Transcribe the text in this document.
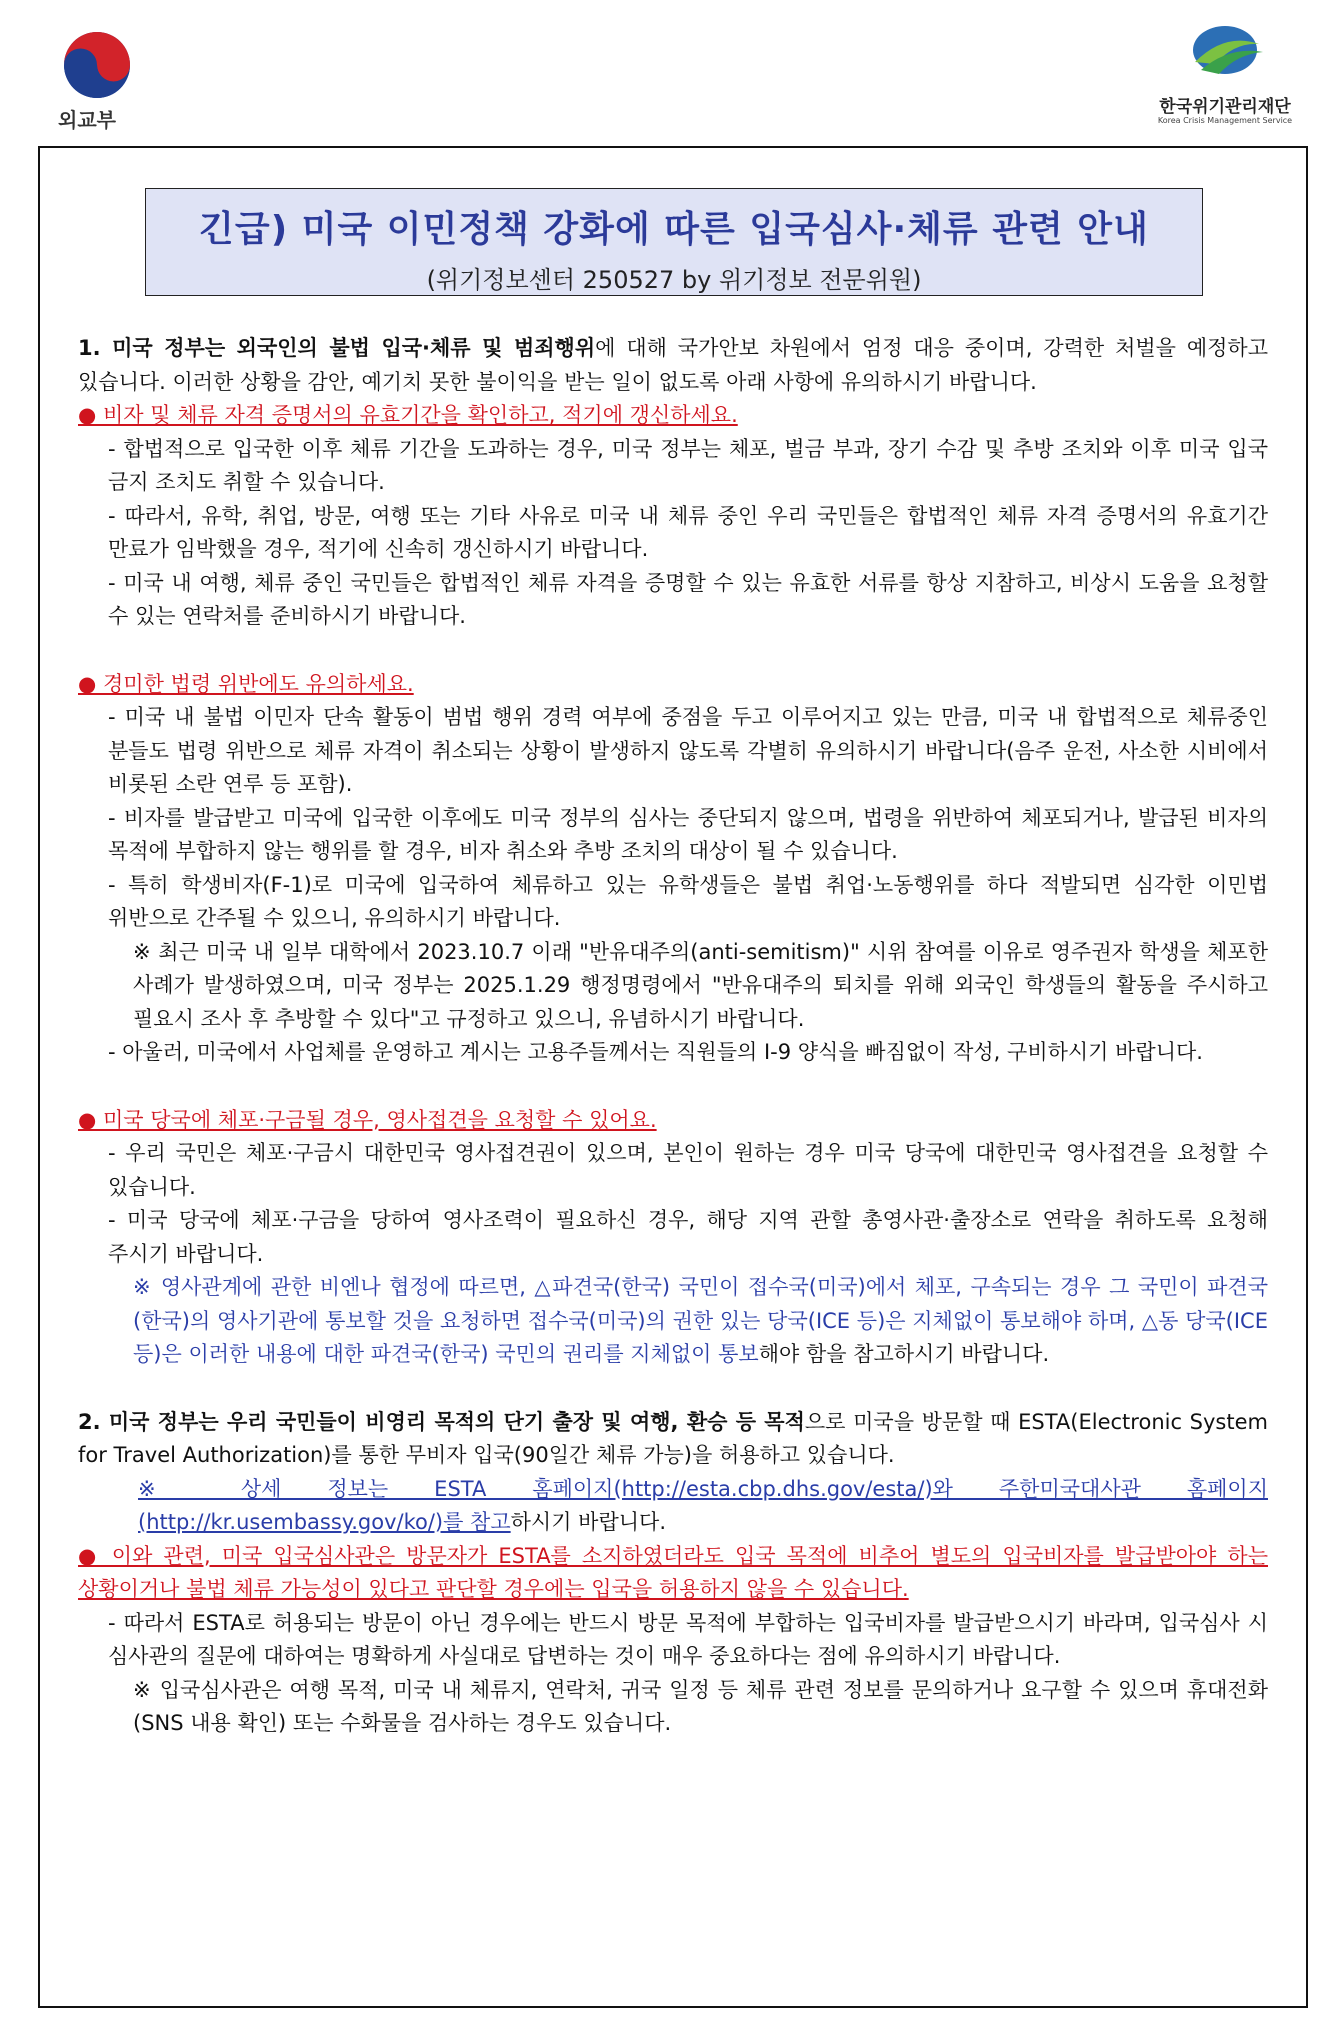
외교부
한국위기관리재단
Korea Crisis Management Service
긴급) 미국 이민정책 강화에 따른 입국심사·체류 관련 안내
(위기정보센터 250527 by 위기정보 전문위원)

1. 미국 정부는 외국인의 불법 입국·체류 및 범죄행위에 대해 국가안보 차원에서 엄정 대응 중이며, 강력한 처벌을 예정하고 있습니다. 이러한 상황을 감안, 예기치 못한 불이익을 받는 일이 없도록 아래 사항에 유의하시기 바랍니다.

● 비자 및 체류 자격 증명서의 유효기간을 확인하고, 적기에 갱신하세요.

- 합법적으로 입국한 이후 체류 기간을 도과하는 경우, 미국 정부는 체포, 벌금 부과, 장기 수감 및 추방 조치와 이후 미국 입국 금지 조치도 취할 수 있습니다.

- 따라서, 유학, 취업, 방문, 여행 또는 기타 사유로 미국 내 체류 중인 우리 국민들은 합법적인 체류 자격 증명서의 유효기간 만료가 임박했을 경우, 적기에 신속히 갱신하시기 바랍니다.

- 미국 내 여행, 체류 중인 국민들은 합법적인 체류 자격을 증명할 수 있는 유효한 서류를 항상 지참하고, 비상시 도움을 요청할 수 있는 연락처를 준비하시기 바랍니다.

● 경미한 법령 위반에도 유의하세요.

- 미국 내 불법 이민자 단속 활동이 범법 행위 경력 여부에 중점을 두고 이루어지고 있는 만큼, 미국 내 합법적으로 체류중인 분들도 법령 위반으로 체류 자격이 취소되는 상황이 발생하지 않도록 각별히 유의하시기 바랍니다(음주 운전, 사소한 시비에서 비롯된 소란 연루 등 포함).

- 비자를 발급받고 미국에 입국한 이후에도 미국 정부의 심사는 중단되지 않으며, 법령을 위반하여 체포되거나, 발급된 비자의 목적에 부합하지 않는 행위를 할 경우, 비자 취소와 추방 조치의 대상이 될 수 있습니다.

- 특히 학생비자(F-1)로 미국에 입국하여 체류하고 있는 유학생들은 불법 취업·노동행위를 하다 적발되면 심각한 이민법 위반으로 간주될 수 있으니, 유의하시기 바랍니다.

※ 최근 미국 내 일부 대학에서 2023.10.7 이래 "반유대주의(anti-semitism)" 시위 참여를 이유로 영주권자 학생을 체포한 사례가 발생하였으며, 미국 정부는 2025.1.29 행정명령에서 "반유대주의 퇴치를 위해 외국인 학생들의 활동을 주시하고 필요시 조사 후 추방할 수 있다"고 규정하고 있으니, 유념하시기 바랍니다.

- 아울러, 미국에서 사업체를 운영하고 계시는 고용주들께서는 직원들의 I-9 양식을 빠짐없이 작성, 구비하시기 바랍니다.

● 미국 당국에 체포·구금될 경우, 영사접견을 요청할 수 있어요.

- 우리 국민은 체포·구금시 대한민국 영사접견권이 있으며, 본인이 원하는 경우 미국 당국에 대한민국 영사접견을 요청할 수 있습니다.

- 미국 당국에 체포·구금을 당하여 영사조력이 필요하신 경우, 해당 지역 관할 총영사관·출장소로 연락을 취하도록 요청해 주시기 바랍니다.

※ 영사관계에 관한 비엔나 협정에 따르면, △파견국(한국) 국민이 접수국(미국)에서 체포, 구속되는 경우 그 국민이 파견국(한국)의 영사기관에 통보할 것을 요청하면 접수국(미국)의 권한 있는 당국(ICE 등)은 지체없이 통보해야 하며, △동 당국(ICE 등)은 이러한 내용에 대한 파견국(한국) 국민의 권리를 지체없이 통보해야 함을 참고하시기 바랍니다.

2. 미국 정부는 우리 국민들이 비영리 목적의 단기 출장 및 여행, 환승 등 목적으로 미국을 방문할 때 ESTA(Electronic System for Travel Authorization)를 통한 무비자 입국(90일간 체류 가능)을 허용하고 있습니다.

※ 상세 정보는 ESTA 홈페이지(http://esta.cbp.dhs.gov/esta/)와 주한미국대사관 홈페이지(http://kr.usembassy.gov/ko/)를 참고하시기 바랍니다.

● 이와 관련, 미국 입국심사관은 방문자가 ESTA를 소지하였더라도 입국 목적에 비추어 별도의 입국비자를 발급받아야 하는 상황이거나 불법 체류 가능성이 있다고 판단할 경우에는 입국을 허용하지 않을 수 있습니다.

- 따라서 ESTA로 허용되는 방문이 아닌 경우에는 반드시 방문 목적에 부합하는 입국비자를 발급받으시기 바라며, 입국심사 시 심사관의 질문에 대하여는 명확하게 사실대로 답변하는 것이 매우 중요하다는 점에 유의하시기 바랍니다.

※ 입국심사관은 여행 목적, 미국 내 체류지, 연락처, 귀국 일정 등 체류 관련 정보를 문의하거나 요구할 수 있으며 휴대전화(SNS 내용 확인) 또는 수화물을 검사하는 경우도 있습니다.
